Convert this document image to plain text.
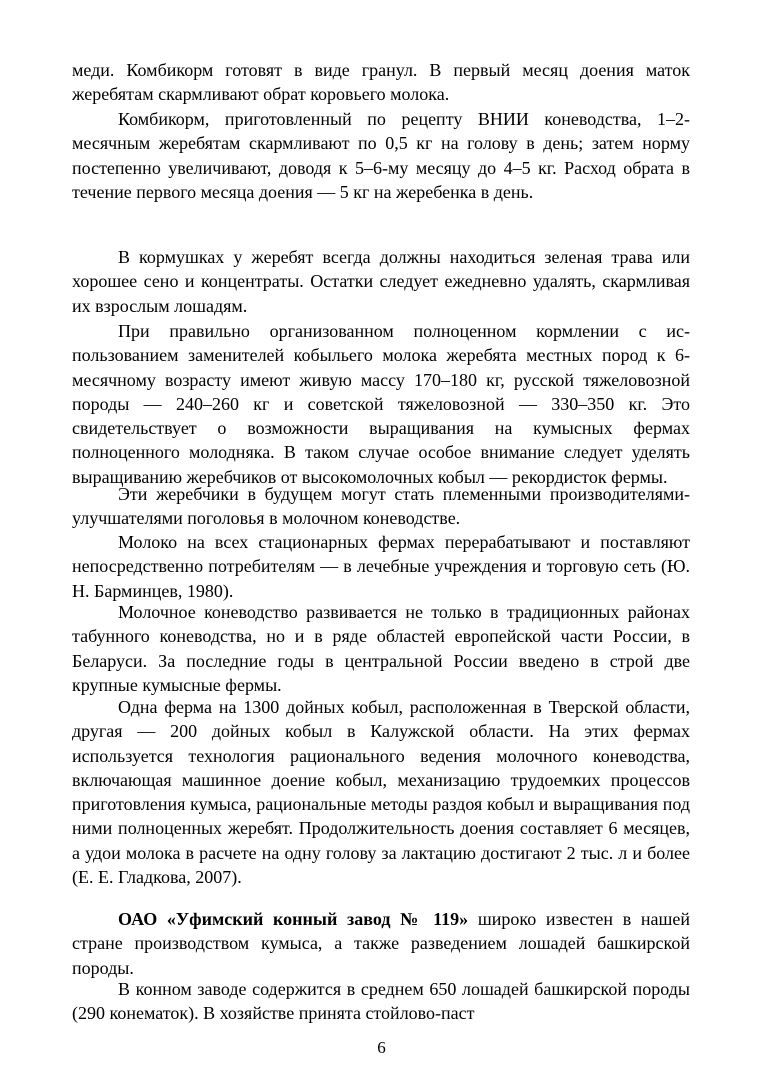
меди. Комбикорм готовят в виде гранул. В первый месяц доения маток жеребятам скармливают обрат коровьего молока.

Комбикорм, приготовленный по рецепту ВНИИ коневодства, 1–2-месячным жеребятам скармливают по 0,5 кг на голову в день; затем норму постепенно увеличивают, доводя к 5–6-му месяцу до 4–5 кг. Расход обрата в течение первого месяца доения — 5 кг на жеребенка в день.

В кормушках у жеребят всегда должны находиться зеленая трава или хорошее сено и концентраты. Остатки следует ежедневно удалять, скармливая их взрослым лошадям.

При правильно организованном полноценном кормлении с использованием заменителей кобыльего молока жеребята местных пород к 6-месячному возрасту имеют живую массу 170–180 кг, русской тяжеловозной породы — 240–260 кг и советской тяжеловозной — 330–350 кг. Это свидетельствует о возможности выращивания на кумысных фермах полноценного молодняка. В таком случае особое внимание следует уделять выращиванию жеребчиков от высокомолочных кобыл — рекордисток фермы.

Эти жеребчики в будущем могут стать племенными производителями-улучшателями поголовья в молочном коневодстве.

Молоко на всех стационарных фермах перерабатывают и поставляют непосредственно потребителям — в лечебные учреждения и торговую сеть (Ю. Н. Барминцев, 1980).

Молочное коневодство развивается не только в традиционных районах табунного коневодства, но и в ряде областей европейской части России, в Беларуси. За последние годы в центральной России введено в строй две крупные кумысные фермы.

Одна ферма на 1300 дойных кобыл, расположенная в Тверской области, другая — 200 дойных кобыл в Калужской области. На этих фермах используется технология рационального ведения молочного коневодства, включающая машинное доение кобыл, механизацию трудоемких процессов приготовления кумыса, рациональные методы раздоя кобыл и выращивания под ними полноценных жеребят. Продолжительность доения составляет 6 месяцев, а удои молока в расчете на одну голову за лактацию достигают 2 тыс. л и более (Е. Е. Гладкова, 2007).

ОАО «Уфимский конный завод № 119» широко известен в нашей стране производством кумыса, а также разведением лошадей башкирской породы.

В конном заводе содержится в среднем 650 лошадей башкирской породы (290 конематок). В хозяйстве принята стойлово-паст

6
